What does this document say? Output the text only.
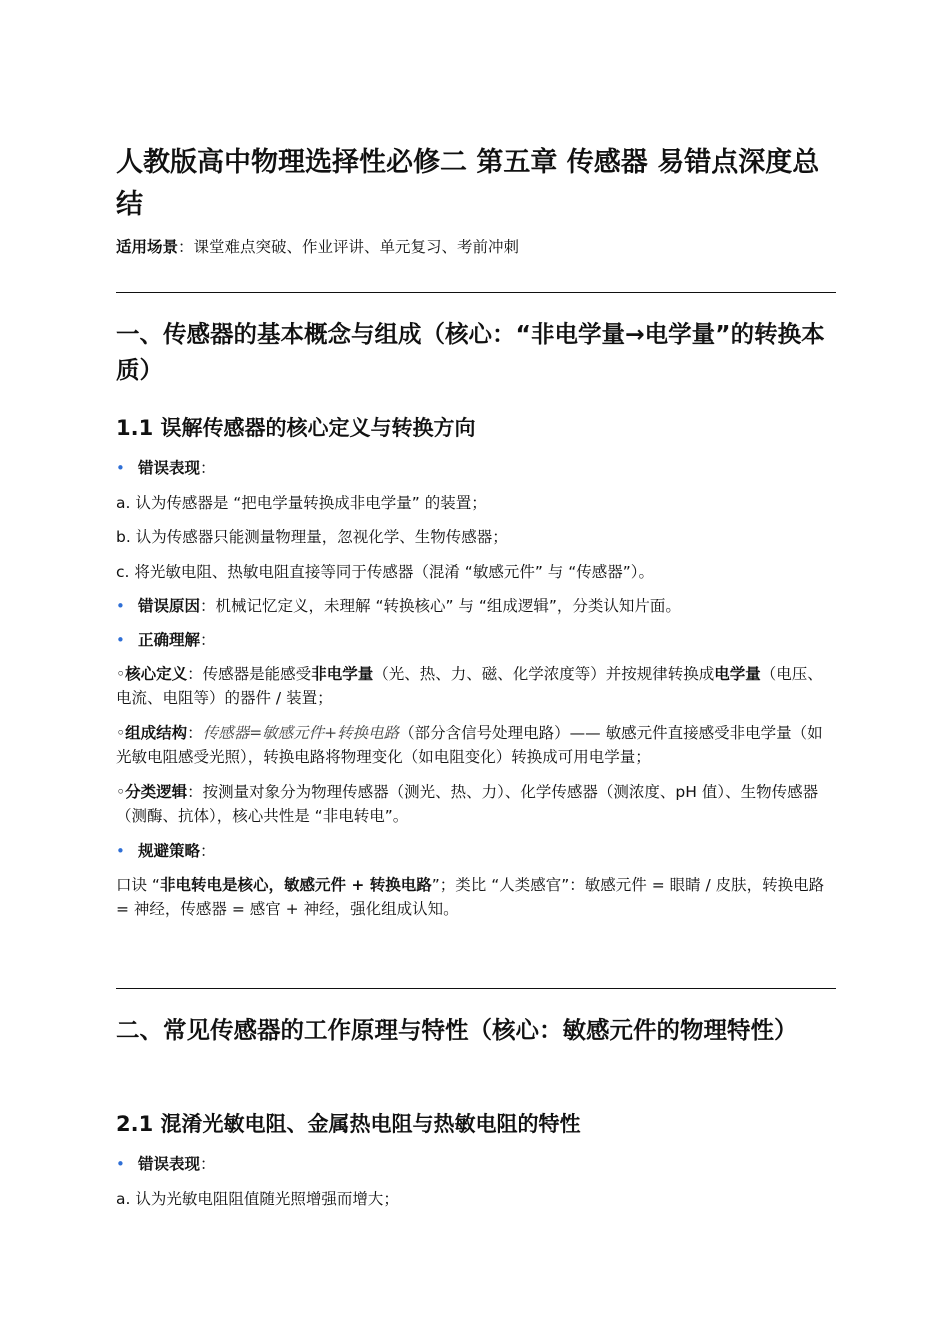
人教版高中物理选择性必修二 第五章 传感器 易错点深度总结
适用场景：课堂难点突破、作业评讲、单元复习、考前冲刺
一、传感器的基本概念与组成（核心：“非电学量→电学量”的转换本质）
1.1 误解传感器的核心定义与转换方向
• 错误表现：
a. 认为传感器是 “把电学量转换成非电学量” 的装置；
b. 认为传感器只能测量物理量，忽视化学、生物传感器；
c. 将光敏电阻、热敏电阻直接等同于传感器（混淆 “敏感元件” 与 “传感器”）。
• 错误原因：机械记忆定义，未理解 “转换核心” 与 “组成逻辑”，分类认知片面。
• 正确理解：
◦核心定义：传感器是能感受非电学量（光、热、力、磁、化学浓度等）并按规律转换成电学量（电压、电流、电阻等）的器件 / 装置；
◦组成结构：传感器=敏感元件+转换电路（部分含信号处理电路）—— 敏感元件直接感受非电学量（如光敏电阻感受光照），转换电路将物理变化（如电阻变化）转换成可用电学量；
◦分类逻辑：按测量对象分为物理传感器（测光、热、力）、化学传感器（测浓度、pH 值）、生物传感器（测酶、抗体），核心共性是 “非电转电”。
• 规避策略：
口诀 “非电转电是核心，敏感元件 + 转换电路”；类比 “人类感官”：敏感元件 = 眼睛 / 皮肤，转换电路 = 神经，传感器 = 感官 + 神经，强化组成认知。
二、常见传感器的工作原理与特性（核心：敏感元件的物理特性）
2.1 混淆光敏电阻、金属热电阻与热敏电阻的特性
• 错误表现：
a. 认为光敏电阻阻值随光照增强而增大；
